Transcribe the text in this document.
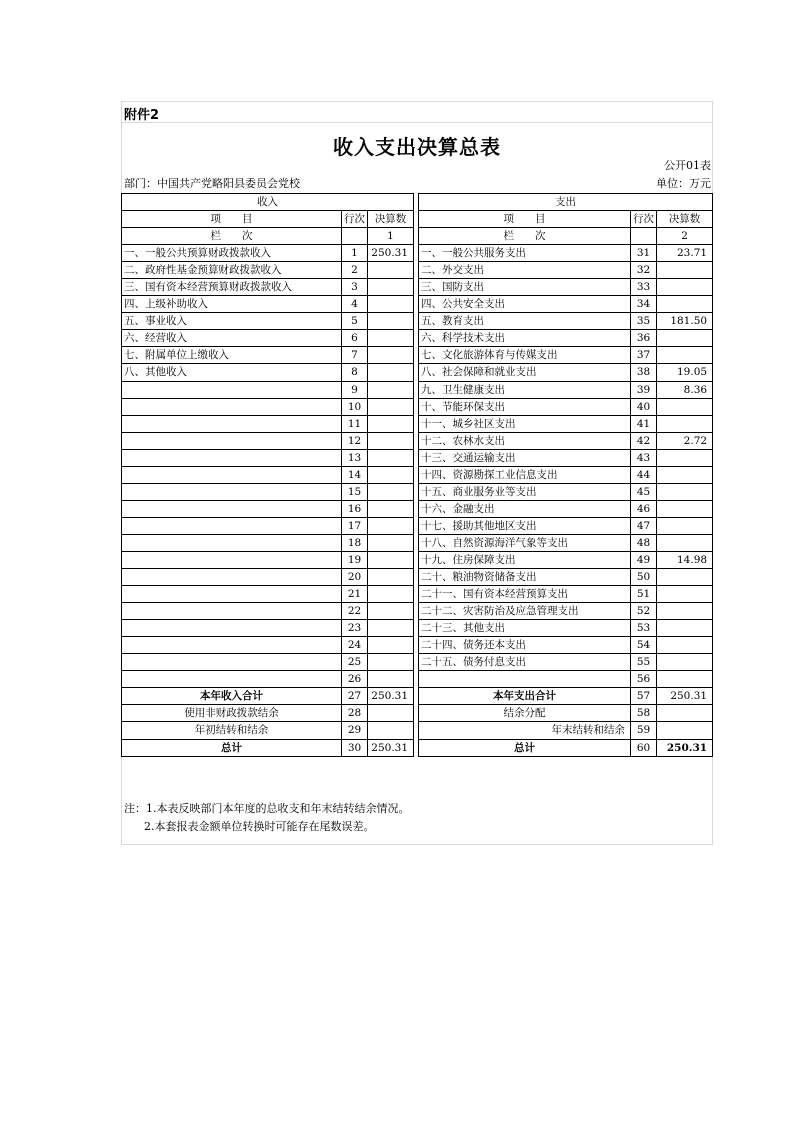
附件2
收入支出决算总表
公开01表
部门：中国共产党略阳县委员会党校	单位：万元
收入				支出		
项　　目	行次	决算数		项　　目	行次	决算数
栏　　次		1		栏　　次		2
一、一般公共预算财政拨款收入	1	250.31		一、一般公共服务支出	31	23.71
二、政府性基金预算财政拨款收入	2			二、外交支出	32	
三、国有资本经营预算财政拨款收入	3			三、国防支出	33	
四、上级补助收入	4			四、公共安全支出	34	
五、事业收入	5			五、教育支出	35	181.50
六、经营收入	6			六、科学技术支出	36	
七、附属单位上缴收入	7			七、文化旅游体育与传媒支出	37	
八、其他收入	8			八、社会保障和就业支出	38	19.05
	9			九、卫生健康支出	39	8.36
	10			十、节能环保支出	40	
	11			十一、城乡社区支出	41	
	12			十二、农林水支出	42	2.72
	13			十三、交通运输支出	43	
	14			十四、资源勘探工业信息支出	44	
	15			十五、商业服务业等支出	45	
	16			十六、金融支出	46	
	17			十七、援助其他地区支出	47	
	18			十八、自然资源海洋气象等支出	48	
	19			十九、住房保障支出	49	14.98
	20			二十、粮油物资储备支出	50	
	21			二十一、国有资本经营预算支出	51	
	22			二十二、灾害防治及应急管理支出	52	
	23			二十三、其他支出	53	
	24			二十四、债务还本支出	54	
	25			二十五、债务付息支出	55	
	26				56	
本年收入合计	27	250.31		本年支出合计	57	250.31
使用非财政拨款结余	28			结余分配	58	
年初结转和结余	29			年末结转和结余	59	
总计	30	250.31		总计	60	250.31
注：1.本表反映部门本年度的总收支和年末结转结余情况。
2.本套报表金额单位转换时可能存在尾数误差。
